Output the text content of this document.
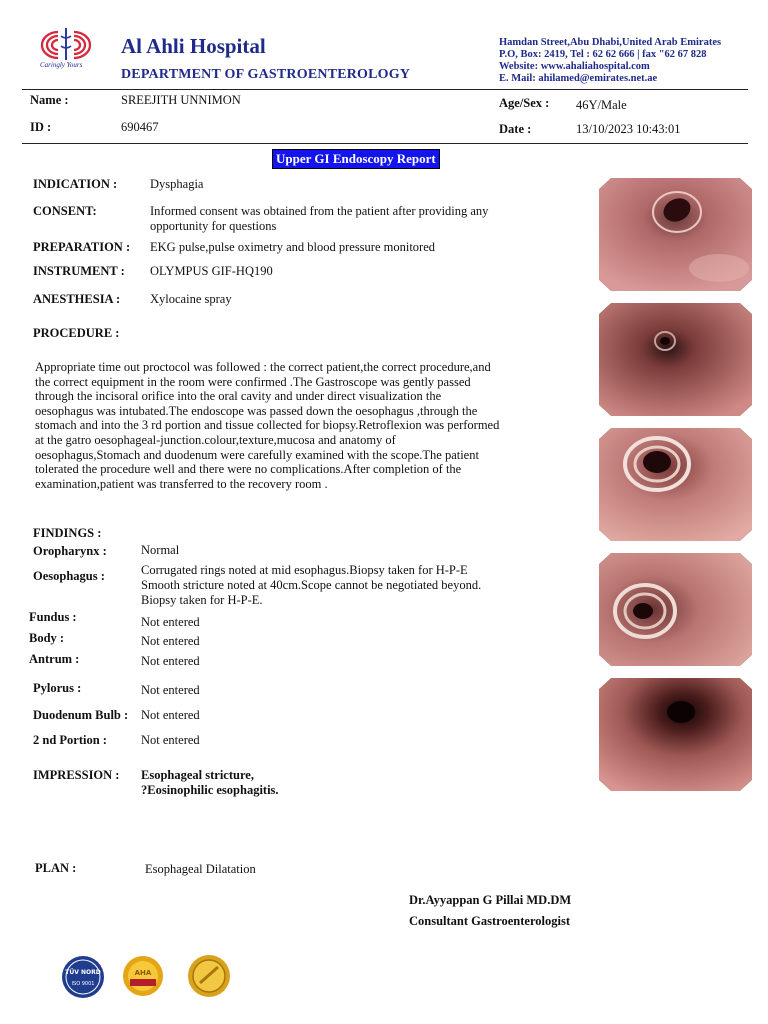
Caringly Yours
Al Ahli Hospital
DEPARTMENT OF GASTROENTEROLOGY
Hamdan Street,Abu Dhabi,United Arab Emirates
P.O, Box: 2419, Tel : 62 62 666 | fax "62 67 828
Website: www.ahaliahospital.com
E. Mail: ahilamed@emirates.net.ae
Name :	SREEJITH UNNIMON	Age/Sex : 46Y/Male
ID :	690467	Date :	13/10/2023 10:43:01
Upper GI Endoscopy Report
INDICATION :	Dysphagia
CONSENT:	Informed consent was obtained from the patient after providing any
opportunity for questions
PREPARATION : EKG pulse,pulse oximetry and blood pressure monitored
INSTRUMENT : OLYMPUS GIF-HQ190
ANESTHESIA : Xylocaine spray
PROCEDURE :
Appropriate time out proctocol was followed : the correct patient,the correct procedure,and
the correct equipment in the room were confirmed .The Gastroscope was gently passed
through the incisoral orifice into the oral cavity and under direct visualization the
oesophagus was intubated.The endoscope was passed down the oesophagus ,through the
stomach and into the 3 rd portion and tissue collected for biopsy.Retroflexion was performed
at the gatro oesophageal-junction.colour,texture,mucosa and anatomy of
oesophagus,Stomach and duodenum were carefully examined with the scope.The patient
tolerated the procedure well and there were no complications.After completion of the
examination,patient was transferred to the recovery room .
FINDINGS :
Oropharynx :	Normal
Oesophagus :	Corrugated rings noted at mid esophagus.Biopsy taken for H-P-E
Smooth stricture noted at 40cm.Scope cannot be negotiated beyond.
Biopsy taken for H-P-E.
Fundus :	Not entered
Body :	Not entered
Antrum :	Not entered
Pylorus :	Not entered
Duodenum Bulb : Not entered
2 nd Portion :	Not entered
IMPRESSION : Esophageal stricture,
?Eosinophilic esophagitis.
PLAN :	Esophageal Dilatation
Dr.Ayyappan G Pillai MD.DM
Consultant Gastroenterologist
TÜV NORD
ISO 9001
AHA
